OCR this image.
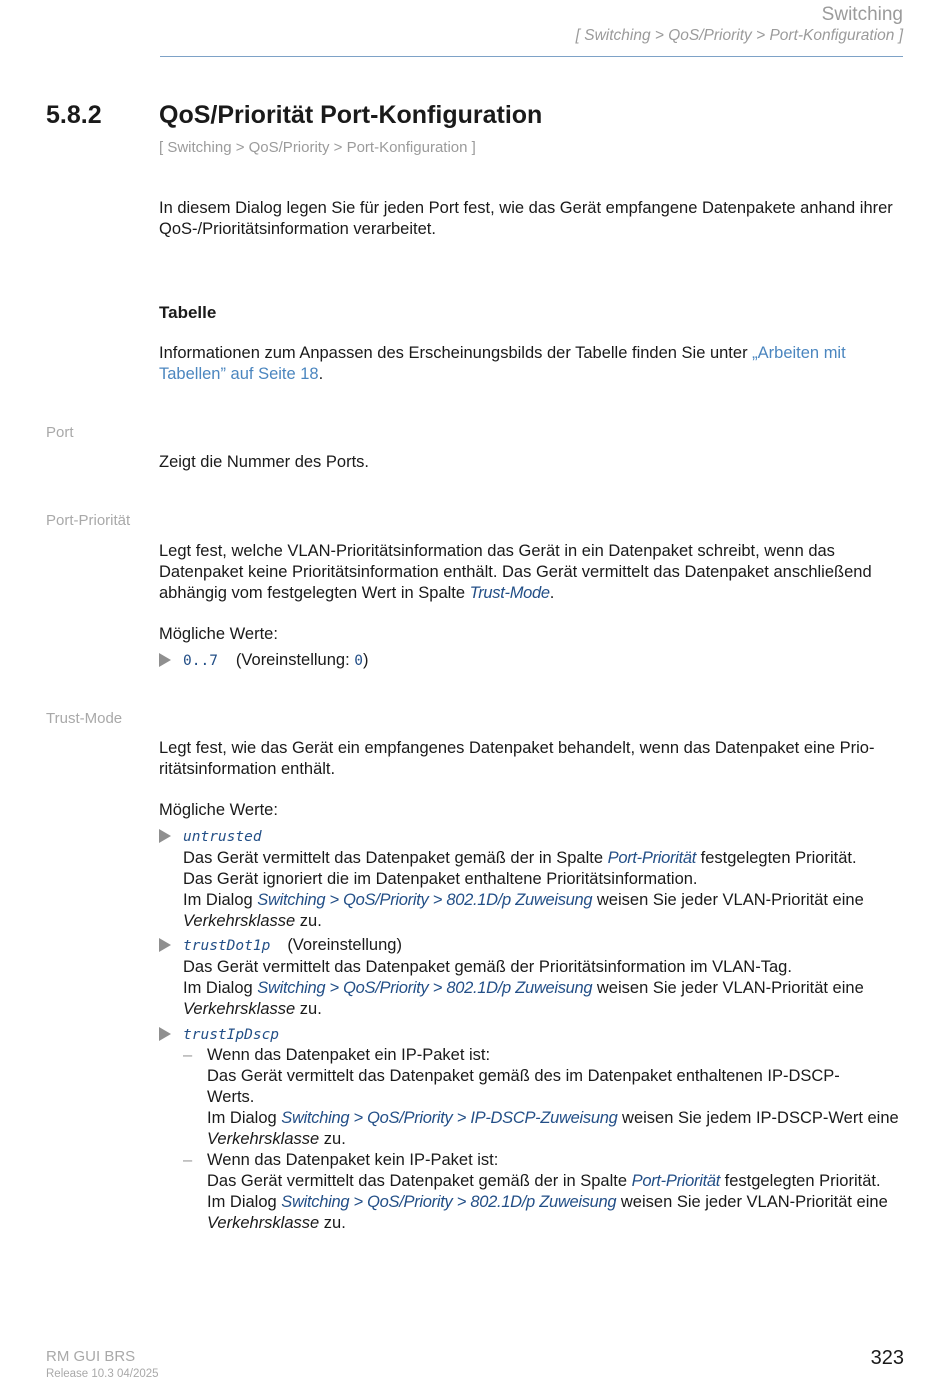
Switching
[ Switching > QoS/Priority > Port-Konfiguration ]
5.8.2 QoS/Priorität Port-Konfiguration
[ Switching > QoS/Priority > Port-Konfiguration ]
In diesem Dialog legen Sie für jeden Port fest, wie das Gerät empfangene Datenpakete anhand ihrer QoS-/Prioritätsinformation verarbeitet.
Tabelle
Informationen zum Anpassen des Erscheinungsbilds der Tabelle finden Sie unter „Arbeiten mit Tabellen” auf Seite 18.
Port
Zeigt die Nummer des Ports.
Port-Priorität
Legt fest, welche VLAN-Prioritätsinformation das Gerät in ein Datenpaket schreibt, wenn das Datenpaket keine Prioritätsinformation enthält. Das Gerät vermittelt das Datenpaket anschließend abhängig vom festgelegten Wert in Spalte Trust-Mode.
Mögliche Werte:
0..7 (Voreinstellung: 0)
Trust-Mode
Legt fest, wie das Gerät ein empfangenes Datenpaket behandelt, wenn das Datenpaket eine Prio-ritätsinformation enthält.
Mögliche Werte:
untrusted
Das Gerät vermittelt das Datenpaket gemäß der in Spalte Port-Priorität festgelegten Priorität.
Das Gerät ignoriert die im Datenpaket enthaltene Prioritätsinformation.
Im Dialog Switching > QoS/Priority > 802.1D/p Zuweisung weisen Sie jeder VLAN-Priorität eine
Verkehrsklasse zu.
trustDot1p (Voreinstellung)
Das Gerät vermittelt das Datenpaket gemäß der Prioritätsinformation im VLAN-Tag.
Im Dialog Switching > QoS/Priority > 802.1D/p Zuweisung weisen Sie jeder VLAN-Priorität eine
Verkehrsklasse zu.
trustIpDscp
– Wenn das Datenpaket ein IP-Paket ist:
Das Gerät vermittelt das Datenpaket gemäß des im Datenpaket enthaltenen IP-DSCP-
Werts.
Im Dialog Switching > QoS/Priority > IP-DSCP-Zuweisung weisen Sie jedem IP-DSCP-Wert eine
Verkehrsklasse zu.
– Wenn das Datenpaket kein IP-Paket ist:
Das Gerät vermittelt das Datenpaket gemäß der in Spalte Port-Priorität festgelegten Priorität.
Im Dialog Switching > QoS/Priority > 802.1D/p Zuweisung weisen Sie jeder VLAN-Priorität eine
Verkehrsklasse zu.
RM GUI BRS
Release 10.3 04/2025
323
